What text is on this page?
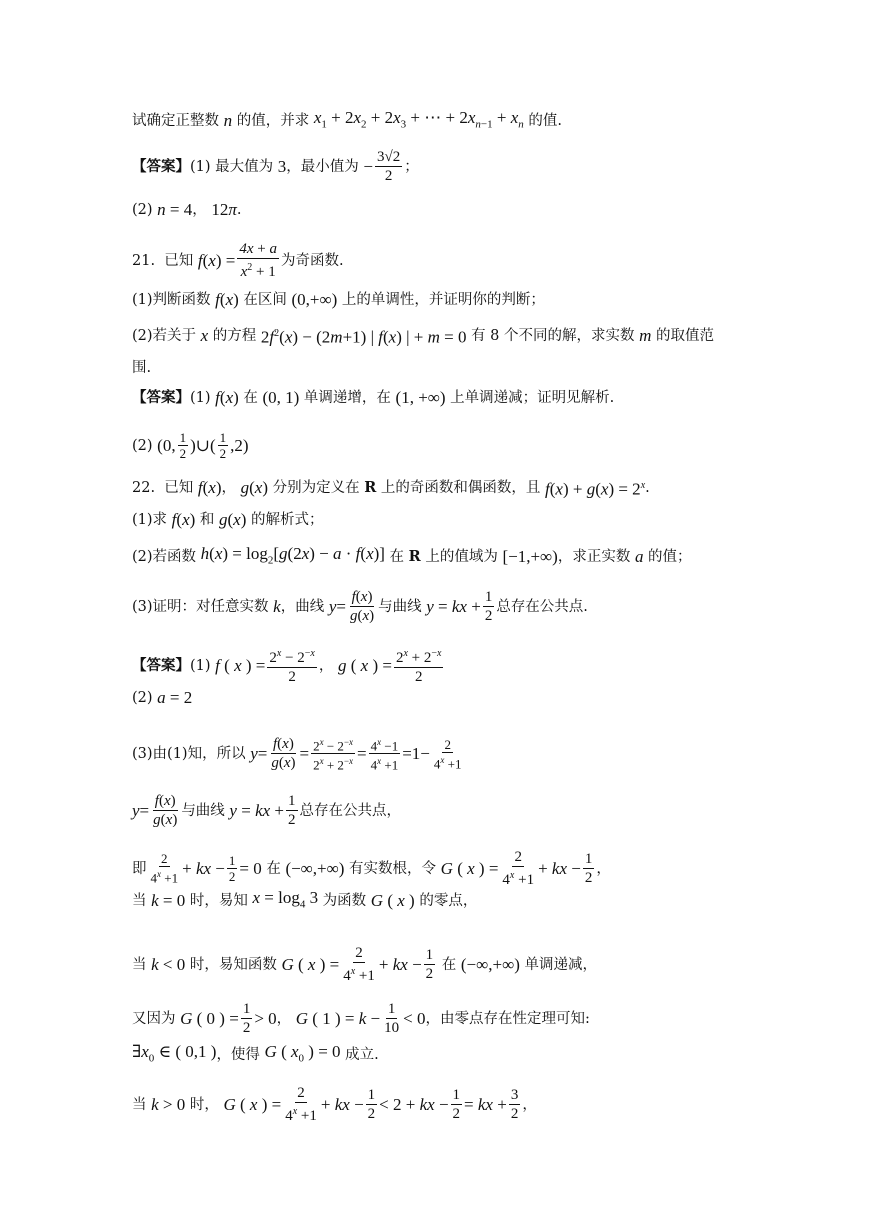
试确定正整数 n 的值，并求 $x_1 + 2x_2 + 2x_3$ + ⋯ + $2x_{n-1} + x_n$ 的值.
【答案】 (1) 最大值为 3 ，最小值为 − $\frac{3√2}{2}$ ；
(2) n = 4 ， 12π .
21.  已知 f $(x) = \frac{4x + a}{x^2 + 1}$ 为奇函数.
(1)判断函数 f (x) 在区间 (0,+∞) 上的单调性，并证明你的判断；
(2)若关于 x 的方程 $2f^2(x) - (2m+1)$ | f(x) | + m = 0 有 8 个不同的解，求实数 m 的取值范
围.
【答案】 (1) f (x) 在 (0, 1) 单调递增，在 (1, +∞) 上单调递减；证明见解析.
(2) (0, $\frac{1}{2}$ )∪( $\frac{1}{2} ,2$)
22.  已知 f (x) ， g (x) 分别为定义在 R 上的奇函数和偶函数，且 $f(x) + g(x) = 2^x$ .
(1)求 f (x) 和 g (x) 的解析式；
(2)若函数 $h(x) = \log_2[g(2x) - a \cdot f(x)]$ 在 R 上的值域为 [−1,+∞) ，求正实数 a 的值；
(3)证明：对任意实数 k ，曲线 $y = \frac{f(x)}{g(x)}$ 与曲线 y = kx + $\frac{1}{2}$ 总存在公共点.
【答案】 (1) f ( x ) = $\frac{2^x - 2^{-x}}{2}$ ， g ( x ) = $\frac{2^x + 2^{-x}}{2}$
(2) a = 2
(3)由(1)知，所以 $y = \frac{f(x)}{g(x)} = \frac{2^x - 2^{-x}}{2^x + 2^{-x}} = \frac{4^x -1}{4^x +1} =1- \frac{2}{4^x +1}$
$y = \frac{f(x)}{g(x)}$ 与曲线 y = kx + $\frac{1}{2}$ 总存在公共点，
即 $\frac{2}{4^x +1}$ + kx − $\frac{1}{2} = 0$ 在 (−∞,+∞) 有实数根，令 G ( x ) = $\frac{2}{4^x +1}$ + kx − $\frac{1}{2}$ ，
当 k = 0 时，易知 $x = \log_4 3$ 为函数 G ( x ) 的零点，
当 k < 0 时，易知函数 G ( x ) = $\frac{2}{4^x +1}$ + kx − $\frac{1}{2}$ 在 (−∞,+∞) 单调递减，
又因为 G ( 0 ) = $\frac{1}{2} > 0$ ， G ( 1 ) = $k - \frac{1}{10} < 0$ ，由零点存在性定理可知:
$\exists x_0$ ∈ ( 0,1 ) ，使得 G ( $x_0$ ) = 0 成立.
当 k > 0 时， G ( x ) = $\frac{2}{4^x +1}$ + kx − $\frac{1}{2} < 2$ + kx − $\frac{1}{2}$ = kx + $\frac{3}{2}$ ，
